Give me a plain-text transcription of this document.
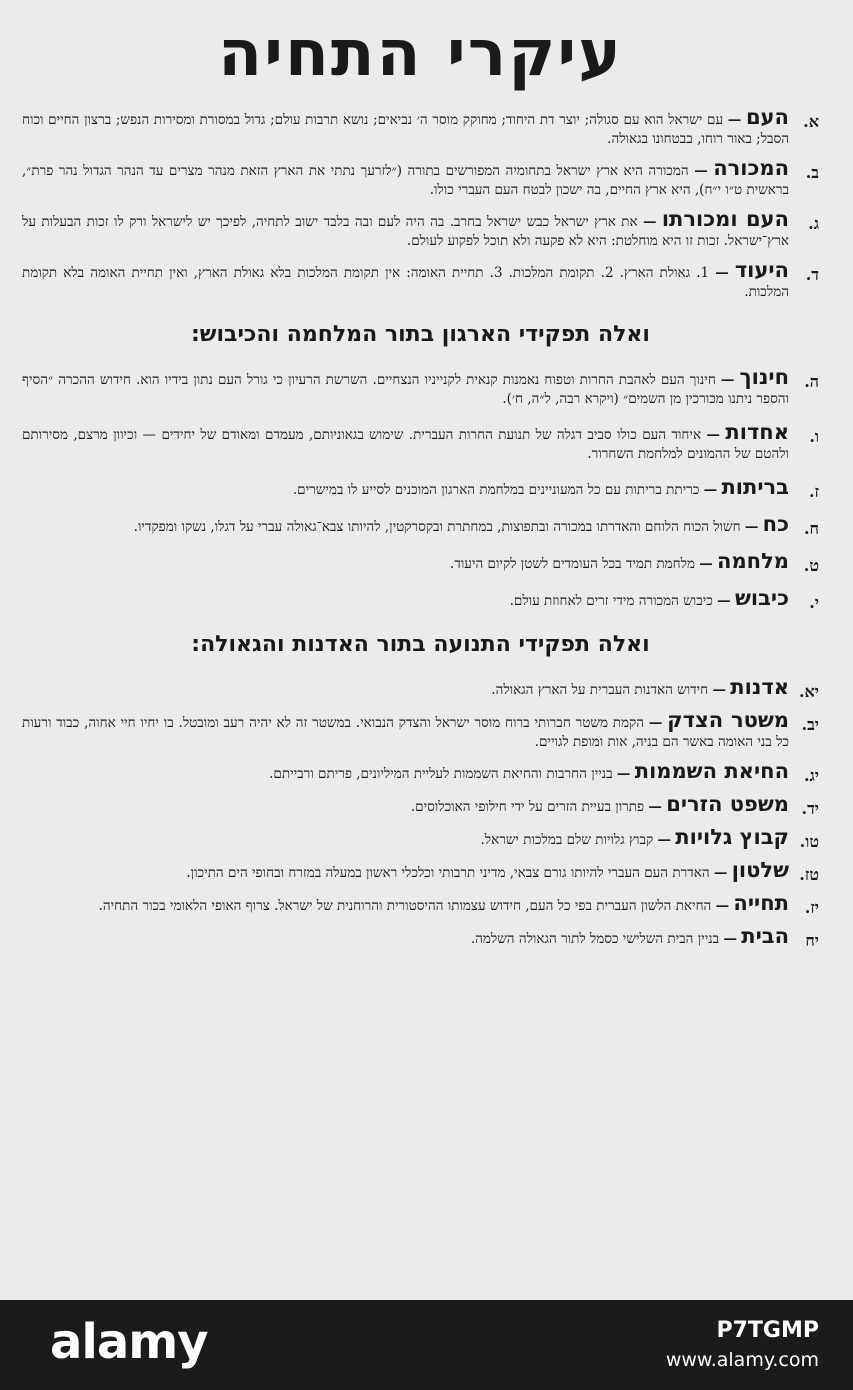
עיקרי התחיה
א.
העם — עם ישראל הוא עם סגולה; יוצר דת היחוד; מחוקק מוסר ה׳ נביאים; נושא תרבות עולם; גדול במסורת ומסירות הנפש; ברצון החיים וכוח הסבל; באור רוחו, בבטחונו בגאולה.
ב.
המכורה — המכורה היא ארץ ישראל בתחומיה המפורשים בתורה (״לזרעך נתתי את הארץ הזאת מנהר מצרים עד הנהר הגדול נהר פרת״, בראשית ט״ו י״ח), היא ארץ החיים, בה ישכון לבטח העם העברי כולו.
ג.
העם ומכורתו — את ארץ ישראל כבש ישראל בחרב. בה היה לעם ובה בלבד ישוב לתחיה, לפיכך יש לישראל ורק לו זכות הבעלות על ארץ־ישראל. זכות זו היא מוחלטת: היא לא פקעה ולא תוכל לפקוע לעולם.
ד.
היעוד — 1. גאולת הארץ. 2. תקומת המלכות. 3. תחיית האומה: אין תקומת המלכות בלא גאולת הארץ, ואין תחיית האומה בלא תקומת המלכות.
ואלה תפקידי הארגון בתור המלחמה והכיבוש:
ה.
חינוך — חינוך העם לאהבת החרות וטפוח נאמנות קנאית לקנייניו הנצחיים. השרשת הרעיון כי גורל העם נתון בידיו הוא. חידוש ההכרה ״הסיף והספר ניתנו מכורכין מן השמים״ (ויקרא רבה, ל״ה, ח׳).
ו.
אחדות — איחוד העם כולו סביב דגלה של תנועת החרות העברית. שימוש בגאוניותם, מעמדם ומאודם של יחידים — וכיוון מרצם, מסירותם ולהטם של ההמונים למלחמת השחרור.
ז.
בריתות — כריתת בריתות עם כל המעוניינים במלחמת הארגון המוכנים לסייע לו במישרים.
ח.
כח — חשול הכוח הלוחם והאדרתו במכורה ובתפוצות, במחתרת ובקסרקטין, להיותו צבא־גאולה עברי על דגלו, נשקו ומפקדיו.
ט.
מלחמה — מלחמת תמיד בכל העומדים לשטן לקיום היעוד.
י.
כיבוש — כיבוש המכורה מידי זרים לאחוזת עולם.
ואלה תפקידי התנועה בתור האדנות והגאולה:
יא.
אדנות — חידוש האדנות העברית על הארץ הגאולה.
יב.
משטר הצדק — הקמת משטר חברותי ברוח מוסר ישראל והצדק הנבואי. במשטר זה לא יהיה רעב ומובטל. בו יחיו חיי אחוה, כבוד ורעות כל בני האומה באשר הם בניה, אות ומופת לגויים.
יג.
החיאת השממות — בניין החרבות והחיאת השממות לעליית המיליונים, פריתם ורבייתם.
יד.
משפט הזרים — פתרון בעיית הזרים על ידי חילופי האוכלוסים.
טו.
קבוץ גלויות — קבוץ גלויות שלם במלכות ישראל.
טז.
שלטון — האדרת העם העברי להיותו גורם צבאי, מדיני תרבותי וכלכלי ראשון במעלה במזרח ובחופי הים התיכון.
יז.
תחייה — החיאת הלשון העברית בפי כל העם, חידוש עצמותו ההיסטורית והרוחנית של ישראל. צרוף האופי הלאומי בכור התחיה.
יח
הבית — בניין הבית השלישי כסמל לתור הגאולה השלמה.
alamy	P7TGMP
www.alamy.com
